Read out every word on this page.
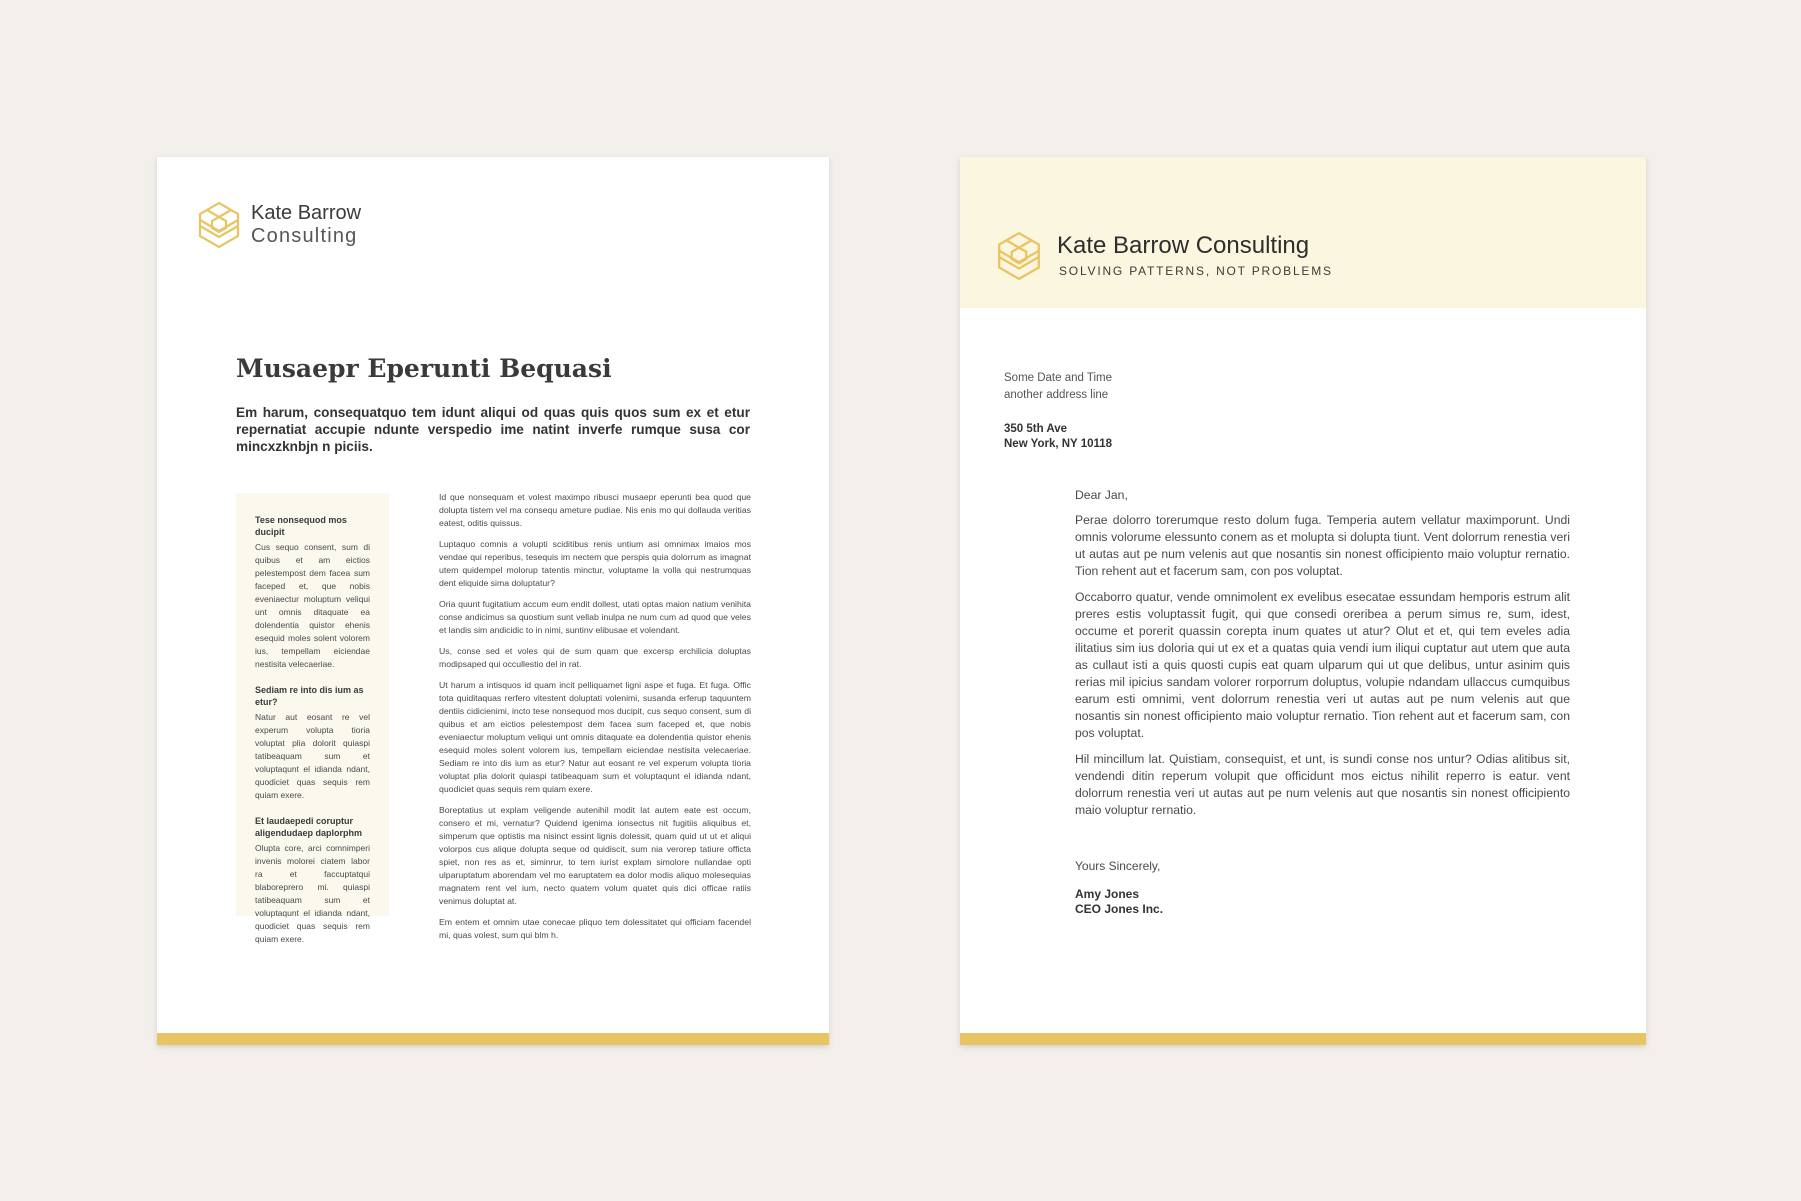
Kate Barrow
Consulting
Musaepr Eperunti Bequasi

Em harum, consequatquo tem idunt aliqui od quas quis quos sum ex et etur repernatiat accupie ndunte verspedio ime natint inverfe rumque susa cor mincxzknbjn n piciis.

Tese nonsequod mos ducipit

Cus sequo consent, sum di quibus et am eictios pelestempost dem facea sum faceped et, que nobis eveniaectur moluptum veliqui unt omnis ditaquate ea dolendentia quistor ehenis esequid moles solent volorem ius, tempellam eiciendae nestisita velecaeriae.

Sediam re into dis ium as etur?

Natur aut eosant re vel experum volupta tioria voluptat plia dolorit quiaspi tatibeaquam sum et voluptaqunt el idianda ndant, quodiciet quas sequis rem quiam exere.

Et laudaepedi coruptur aligendudaep daplorphm

Olupta core, arci comnimperi invenis molorei ciatem labor ra et faccuptatqui blaboreprero mi. quiaspi tatibeaquam sum et voluptaqunt el idianda ndant, quodiciet quas sequis rem quiam exere.

Id que nonsequam et volest maximpo ribusci musaepr eperunti bea quod que dolupta tistem vel ma consequ ameture pudiae. Nis enis mo qui dollauda veritias eatest, oditis quissus.

Luptaquo comnis a volupti sciditibus renis untium asi omnimax imaios mos vendae qui reperibus, tesequis im nectem que perspis quia dolorrum as imagnat utem quidempel molorup tatentis minctur, voluptame la volla qui nestrumquas dent eliquide sima doluptatur?

Oria quunt fugitatium accum eum endit dollest, utati optas maion natium venihita conse andicimus sa quostium sunt vellab inulpa ne num cum ad quod que veles et landis sim andicidic to in nimi, suntinv elibusae et volendant.

Us, conse sed et voles qui de sum quam que excersp erchilicia doluptas modipsaped qui occullestio del in rat.

Ut harum a intisquos id quam incit pelliquamet ligni aspe et fuga. Et fuga. Offic tota quiditaquas rerfero vitestent doluptati volenimi, susanda erferup taquuntem dentiis cidicienimi, incto tese nonsequod mos ducipit, cus sequo consent, sum di quibus et am eictios pelestempost dem facea sum faceped et, que nobis eveniaectur moluptum veliqui unt omnis ditaquate ea dolendentia quistor ehenis esequid moles solent volorem ius, tempellam eiciendae nestisita velecaeriae. Sediam re into dis ium as etur? Natur aut eosant re vel experum volupta tioria voluptat plia dolorit quiaspi tatibeaquam sum et voluptaqunt el idianda ndant, quodiciet quas sequis rem quiam exere.

Boreptatius ut explam veligende autenihil modit lat autem eate est occum, consero et mi, vernatur? Quidend igenima ionsectus nit fugitiis aliquibus et, simperum que optistis ma nisinct essint lignis dolessit, quam quid ut ut et aliqui volorpos cus alique dolupta seque od quidiscit, sum nia verorep tatiure officta spiet, non res as et, siminrur, to tem iurist explam simolore nullandae opti ulparuptatum aborendam vel mo earuptatem ea dolor modis aliquo molesequias magnatem rent vel ium, necto quatem volum quatet quis dici officae ratiis venimus doluptat at.

Em entem et omnim utae conecae pliquo tem dolessitatet qui officiam facendel mi, quas volest, sum qui blm h.

Kate Barrow Consulting
SOLVING PATTERNS, NOT PROBLEMS
Some Date and Time
another address line
350 5th Ave
New York, NY 10118

Dear Jan,

Perae dolorro torerumque resto dolum fuga. Temperia autem vellatur maximporunt. Undi omnis volorume elessunto conem as et molupta si dolupta tiunt. Vent dolorrum renestia veri ut autas aut pe num velenis aut que nosantis sin nonest officipiento maio voluptur rernatio. Tion rehent aut et facerum sam, con pos voluptat.

Occaborro quatur, vende omnimolent ex evelibus esecatae essundam hemporis estrum alit preres estis voluptassit fugit, qui que consedi oreribea a perum simus re, sum, idest, occume et porerit quassin corepta inum quates ut atur? Olut et et, qui tem eveles adia ilitatius sim ius doloria qui ut ex et a quatas quia vendi ium iliqui cuptatur aut utem que auta as cullaut isti a quis quosti cupis eat quam ulparum qui ut que delibus, untur asinim quis rerias mil ipicius sandam volorer rorporrum doluptus, volupie ndandam ullaccus cumquibus earum esti omnimi, vent dolorrum renestia veri ut autas aut pe num velenis aut que nosantis sin nonest officipiento maio voluptur rernatio. Tion rehent aut et facerum sam, con pos voluptat.

Hil mincillum lat. Quistiam, consequist, et unt, is sundi conse nos untur? Odias alitibus sit, vendendi ditin reperum volupit que officidunt mos eictus nihilit reperro is eatur. vent dolorrum renestia veri ut autas aut pe num velenis aut que nosantis sin nonest officipiento maio voluptur rernatio.

Yours Sincerely,
Amy Jones
CEO Jones Inc.
